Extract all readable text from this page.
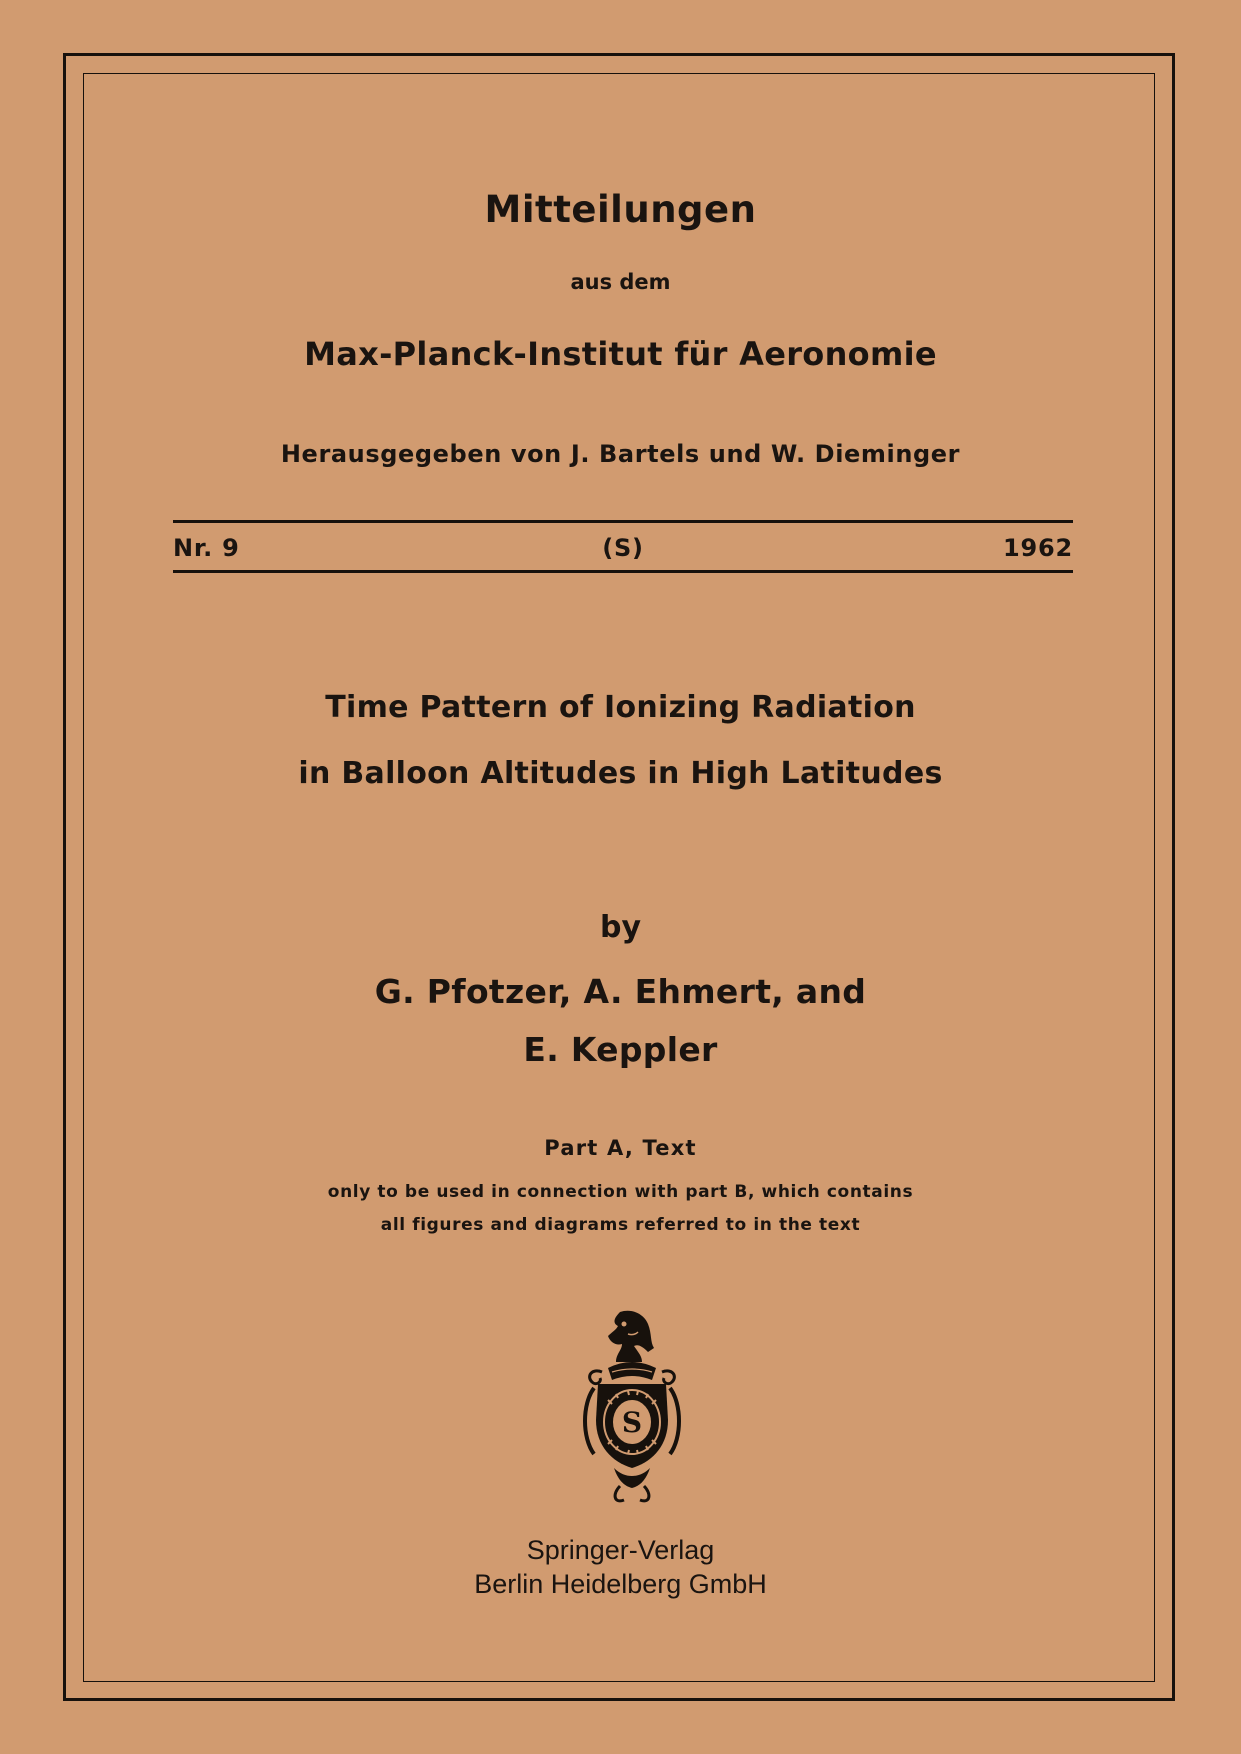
Mitteilungen
aus dem
Max-Planck-Institut für Aeronomie
Herausgegeben von J. Bartels und W. Dieminger
Nr. 9	(S)	1962
Time Pattern of Ionizing Radiation
in Balloon Altitudes in High Latitudes
by
G. Pfotzer, A. Ehmert, and
E. Keppler
Part A, Text
only to be used in connection with part B, which contains
all figures and diagrams referred to in the text
S
Springer-Verlag
Berlin Heidelberg GmbH
